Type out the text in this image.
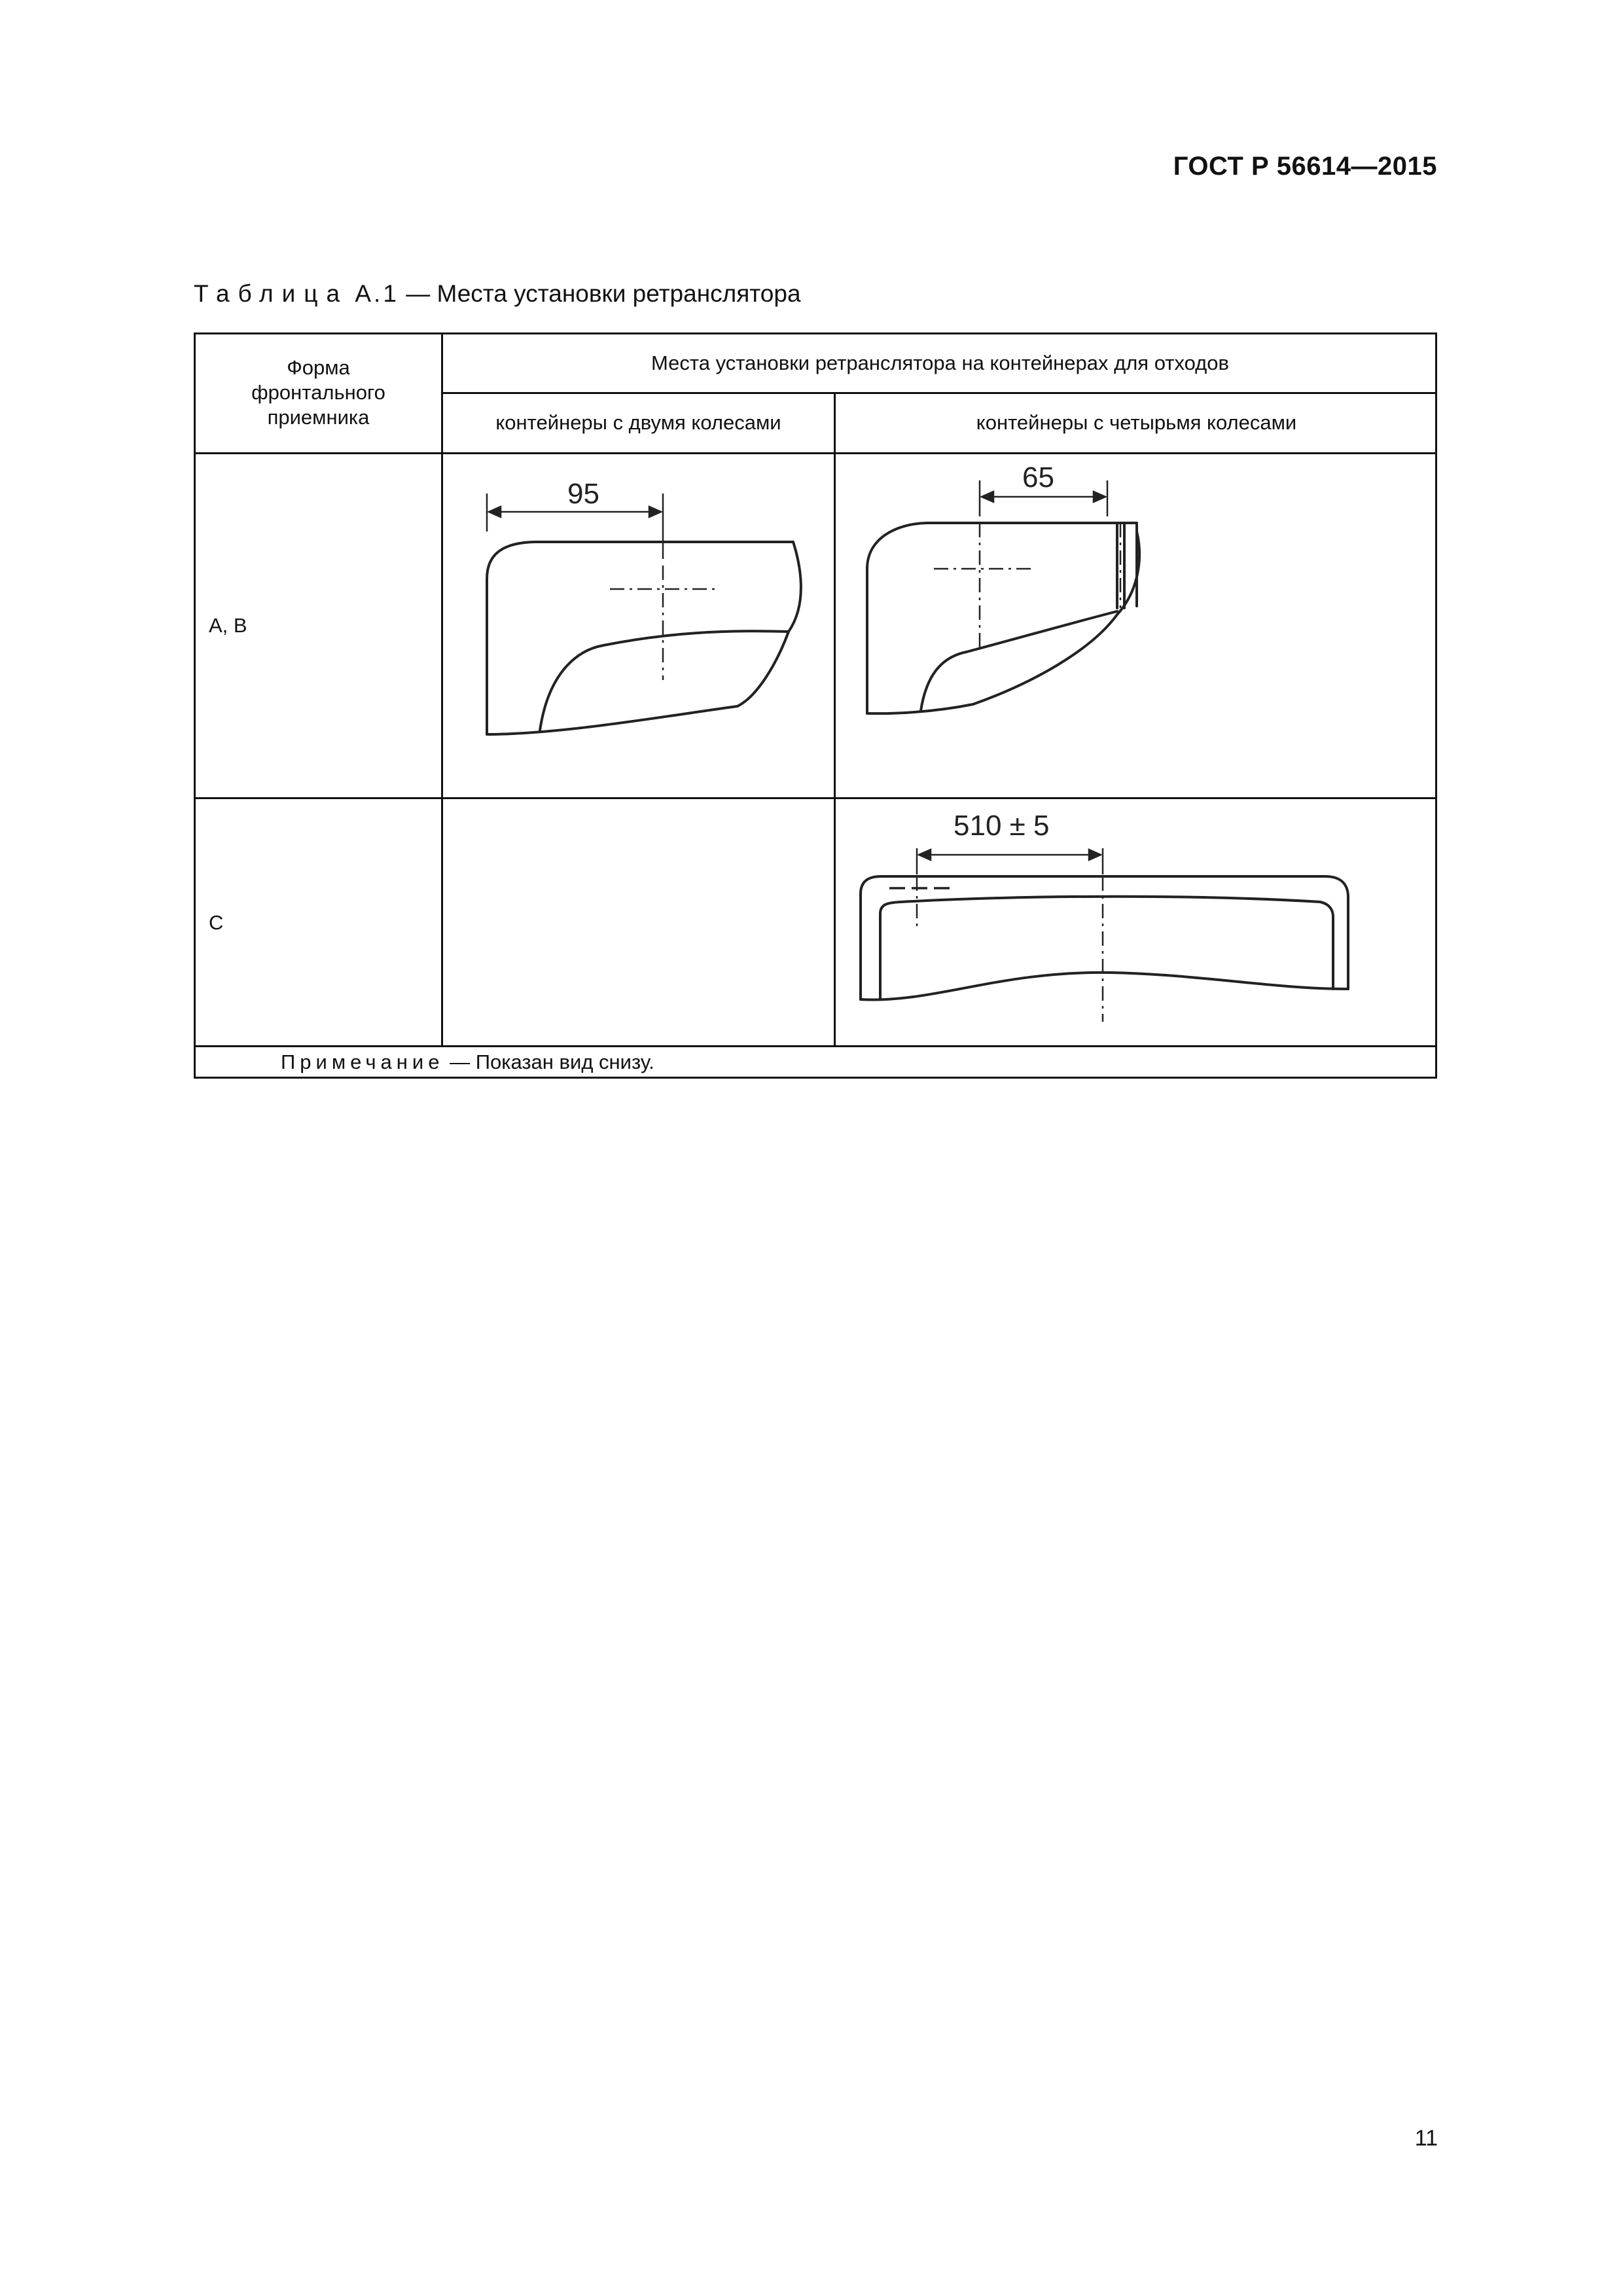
ГОСТ Р 56614—2015
Таблица А.1 — Места установки ретранслятора
Форма фронтального приемника
Места установки ретранслятора на контейнерах для отходов
контейнеры с двумя колесами	контейнеры с четырьмя колесами
А, В
С
95
65
510 ± 5
Примечание — Показан вид снизу.
11
